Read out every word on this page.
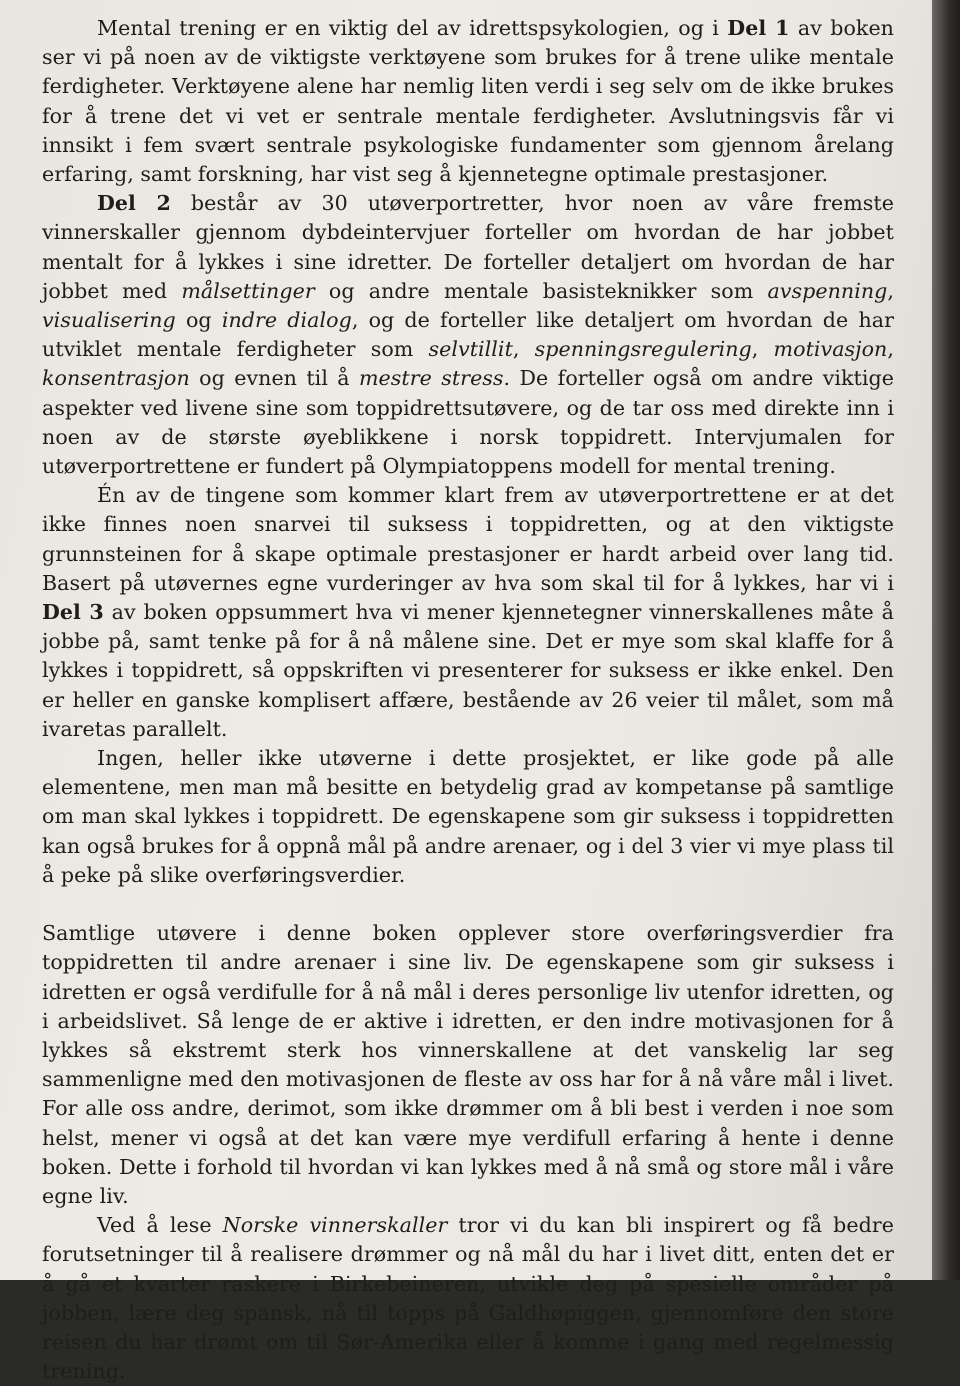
Mental trening er en viktig del av idrettspsykologien, og i Del 1 av boken ser vi på noen av de viktigste verktøyene som brukes for å trene ulike mentale ferdigheter. Verktøyene alene har nemlig liten verdi i seg selv om de ikke brukes for å trene det vi vet er sentrale mentale ferdigheter. Avslutningsvis får vi innsikt i fem svært sentrale psykologiske fundamenter som gjennom årelang erfaring, samt forskning, har vist seg å kjennetegne optimale prestasjoner.

Del 2 består av 30 utøverportretter, hvor noen av våre fremste vinnerskaller gjennom dybdeintervjuer forteller om hvordan de har jobbet mentalt for å lykkes i sine idretter. De forteller detaljert om hvordan de har jobbet med målsettinger og andre mentale basisteknikker som avspenning, visualisering og indre dialog, og de forteller like detaljert om hvordan de har utviklet mentale ferdigheter som selvtillit, spenningsregulering, motivasjon, konsentrasjon og evnen til å mestre stress. De forteller også om andre viktige aspekter ved livene sine som toppidrettsutøvere, og de tar oss med direkte inn i noen av de største øyeblikkene i norsk toppidrett. Intervjumalen for utøverportrettene er fundert på Olympiatoppens modell for mental trening.

Én av de tingene som kommer klart frem av utøverportrettene er at det ikke finnes noen snarvei til suksess i toppidretten, og at den viktigste grunnsteinen for å skape optimale prestasjoner er hardt arbeid over lang tid. Basert på utøvernes egne vurderinger av hva som skal til for å lykkes, har vi i Del 3 av boken oppsummert hva vi mener kjennetegner vinnerskallenes måte å jobbe på, samt tenke på for å nå målene sine. Det er mye som skal klaffe for å lykkes i toppidrett, så oppskriften vi presenterer for suksess er ikke enkel. Den er heller en ganske komplisert affære, bestående av 26 veier til målet, som må ivaretas parallelt.

Ingen, heller ikke utøverne i dette prosjektet, er like gode på alle elementene, men man må besitte en betydelig grad av kompetanse på samtlige om man skal lykkes i toppidrett. De egenskapene som gir suksess i toppidretten kan også brukes for å oppnå mål på andre arenaer, og i del 3 vier vi mye plass til å peke på slike overføringsverdier.

Samtlige utøvere i denne boken opplever store overføringsverdier fra toppidretten til andre arenaer i sine liv. De egenskapene som gir suksess i idretten er også verdifulle for å nå mål i deres personlige liv utenfor idretten, og i arbeidslivet. Så lenge de er aktive i idretten, er den indre motivasjonen for å lykkes så ekstremt sterk hos vinnerskallene at det vanskelig lar seg sammenligne med den motivasjonen de fleste av oss har for å nå våre mål i livet. For alle oss andre, derimot, som ikke drømmer om å bli best i verden i noe som helst, mener vi også at det kan være mye verdifull erfaring å hente i denne boken. Dette i forhold til hvordan vi kan lykkes med å nå små og store mål i våre egne liv.

Ved å lese Norske vinnerskaller tror vi du kan bli inspirert og få bedre forutsetninger til å realisere drømmer og nå mål du har i livet ditt, enten det er å gå et kvarter raskere i Birkebeineren, utvikle deg på spesielle områder på jobben, lære deg spansk, nå til topps på Galdhøpiggen, gjennomføre den store reisen du har drømt om til Sør-Amerika eller å komme i gang med regelmessig trening.
